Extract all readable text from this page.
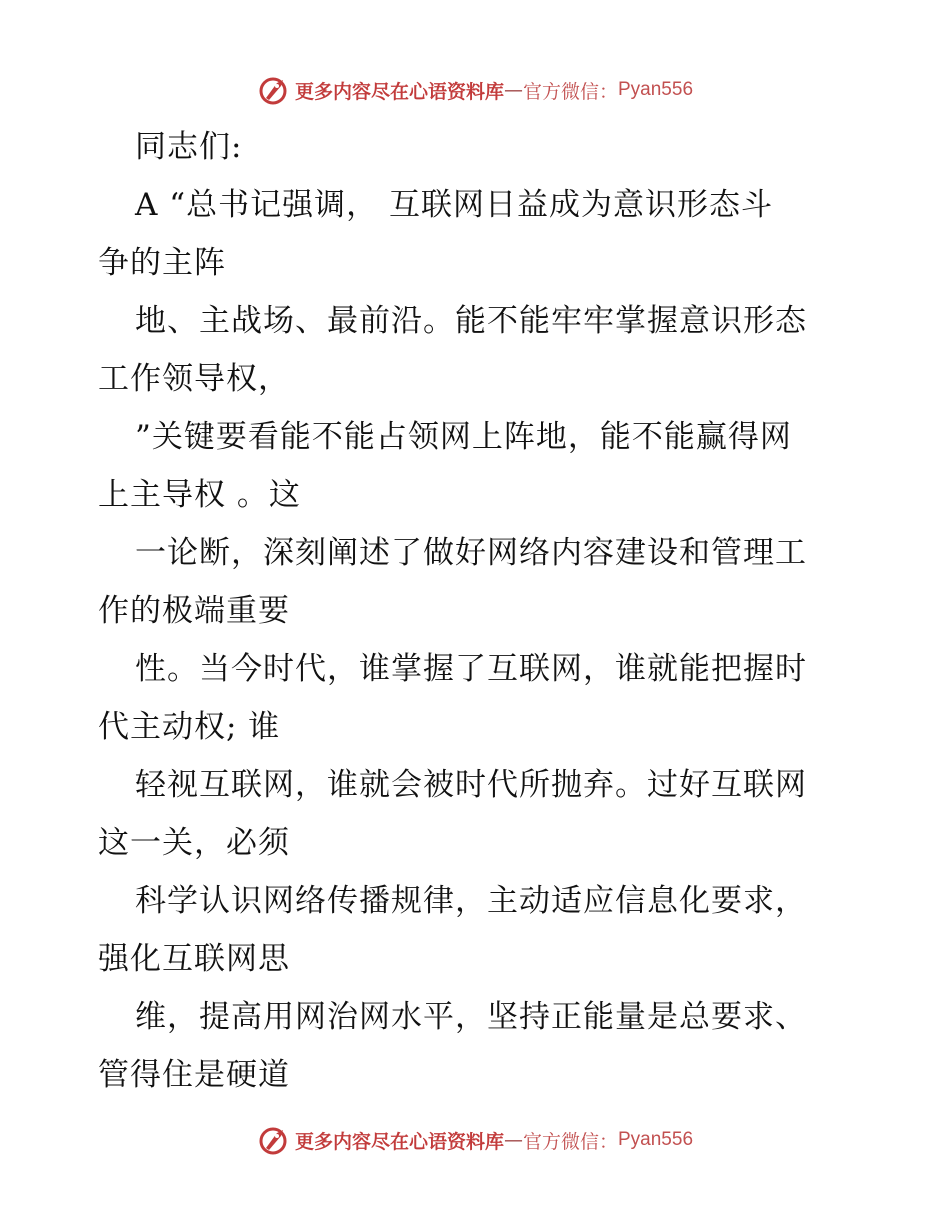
更多内容尽在心语资料库 — 官方微信： Pyan556
同志们:
A “总书记强调， 互联网日益成为意识形态斗
争的主阵
地、主战场、最前沿。能不能牢牢掌握意识形态
工作领导权，
”关键要看能不能占领网上阵地，能不能赢得网
上主导权 。这
一论断，深刻阐述了做好网络内容建设和管理工
作的极端重要
性。当今时代，谁掌握了互联网，谁就能把握时
代主动权; 谁
轻视互联网，谁就会被时代所抛弃。过好互联网
这一关，必须
科学认识网络传播规律，主动适应信息化要求，
强化互联网思
维，提高用网治网水平，坚持正能量是总要求、
管得住是硬道
更多内容尽在心语资料库 — 官方微信： Pyan556
